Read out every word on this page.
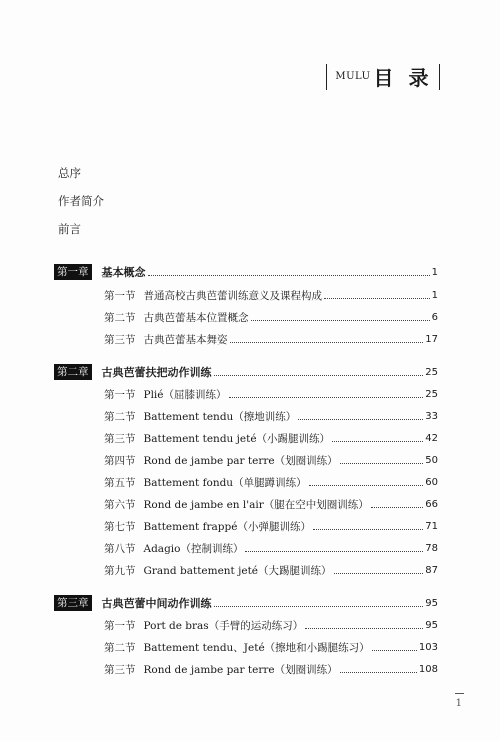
MULU 目 录
总序
作者简介
前言
第一章 基本概念	1
第一节 普通高校古典芭蕾训练意义及课程构成	1
第二节 古典芭蕾基本位置概念	6
第三节 古典芭蕾基本舞姿	17
第二章 古典芭蕾扶把动作训练	25
第一节 Plié（屈膝训练）	25
第二节 Battement tendu（擦地训练）	33
第三节 Battement tendu jeté（小踢腿训练）	42
第四节 Rond de jambe par terre（划圈训练）	50
第五节 Battement fondu（单腿蹲训练）	60
第六节 Rond de jambe en l'air（腿在空中划圈训练）	66
第七节 Battement frappé（小弹腿训练）	71
第八节 Adagio（控制训练）	78
第九节 Grand battement jeté（大踢腿训练）	87
第三章 古典芭蕾中间动作训练	95
第一节 Port de bras（手臂的运动练习）	95
第二节 Battement tendu、Jeté（擦地和小踢腿练习）	103
第三节 Rond de jambe par terre（划圈训练）	108
1
